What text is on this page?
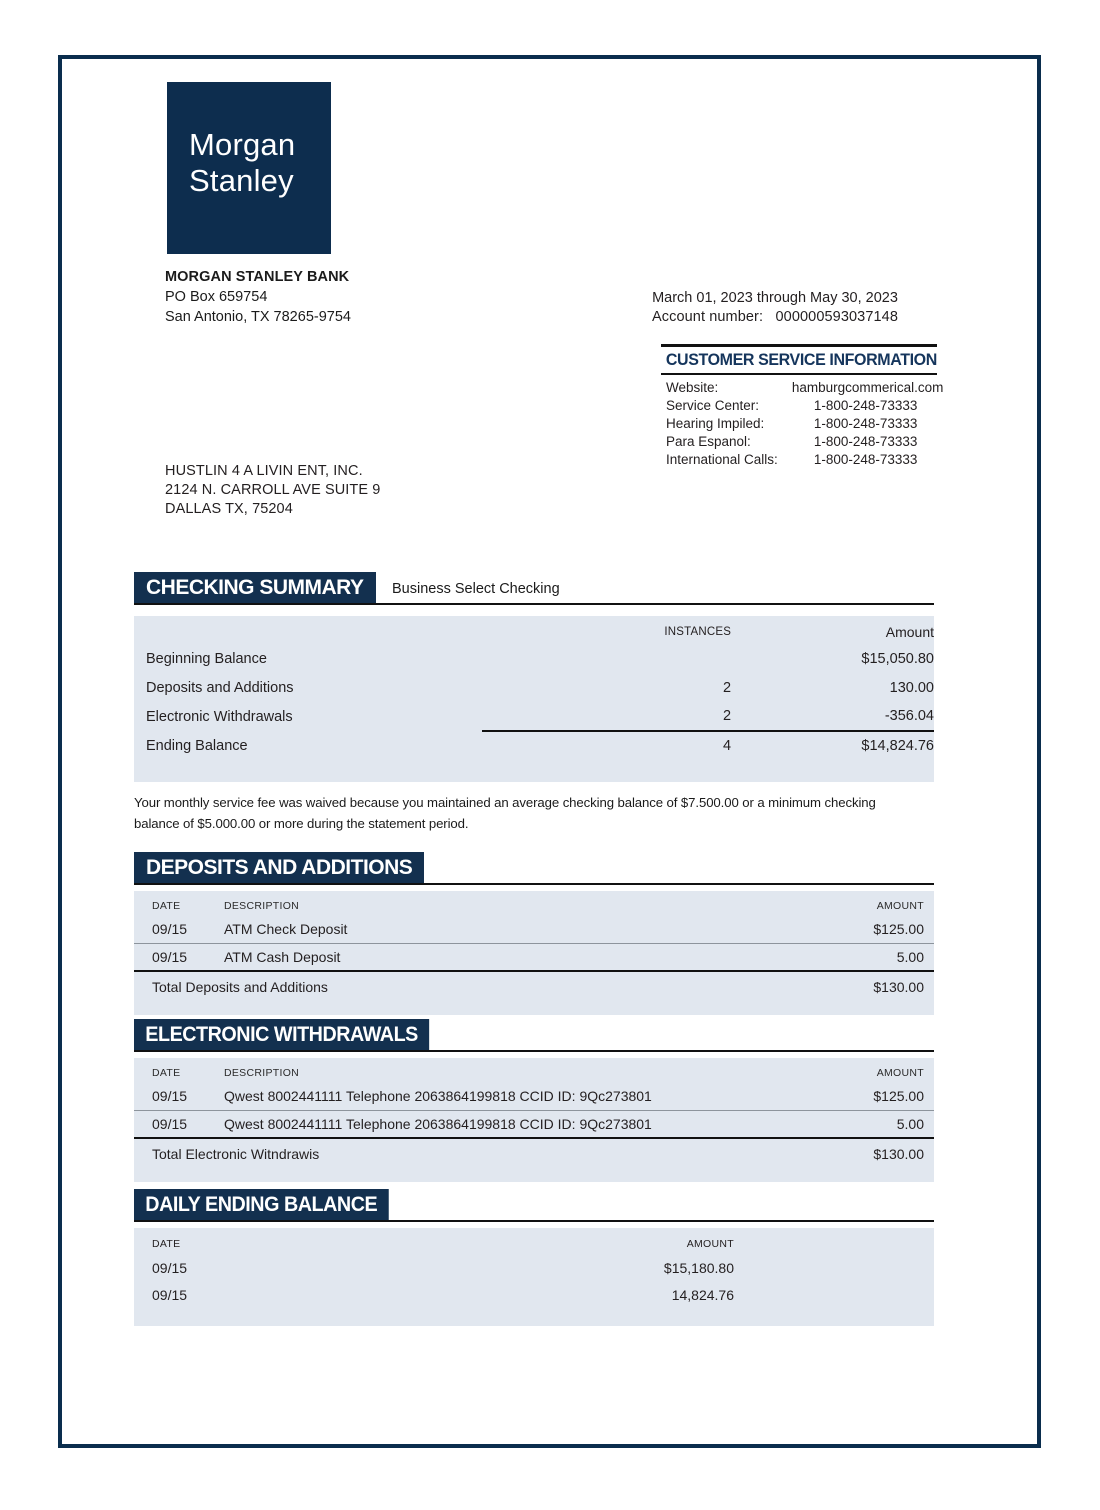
Morgan
Stanley
MORGAN STANLEY BANK
PO Box 659754
San Antonio, TX 78265-9754
March 01, 2023 through May 30, 2023
Account number: 000000593037148
CUSTOMER SERVICE INFORMATION
Website:	hamburgcommerical.com
Service Center:	1-800-248-73333
Hearing Impiled:	1-800-248-73333
Para Espanol:	1-800-248-73333
International Calls:	1-800-248-73333
HUSTLIN 4 A LIVIN ENT, INC.
2124 N. CARROLL AVE SUITE 9
DALLAS TX, 75204
CHECKING SUMMARY	Business Select Checking

	INSTANCES	Amount
Beginning Balance		$15,050.80
Deposits and Additions	2	130.00
Electronic Withdrawals	2	-356.04
Ending Balance	4	$14,824.76

Your monthly service fee was waived because you maintained an average checking balance of $7.500.00 or a minimum checking balance of $5.000.00 or more during the statement period.
DEPOSITS AND ADDITIONS
DATE	DESCRIPTION	AMOUNT
09/15	ATM Check Deposit	$125.00
09/15	ATM Cash Deposit	5.00
Total Deposits and Additions		$130.00

ELECTRONIC WITHDRAWALS
DATE	DESCRIPTION	AMOUNT
09/15	Qwest 8002441111 Telephone 2063864199818 CCID ID: 9Qc273801	$125.00
09/15	Qwest 8002441111 Telephone 2063864199818 CCID ID: 9Qc273801	5.00
Total Electronic Witndrawis		$130.00

DAILY ENDING BALANCE
DATE	AMOUNT	
09/15	$15,180.80	
09/15	14,824.76	
